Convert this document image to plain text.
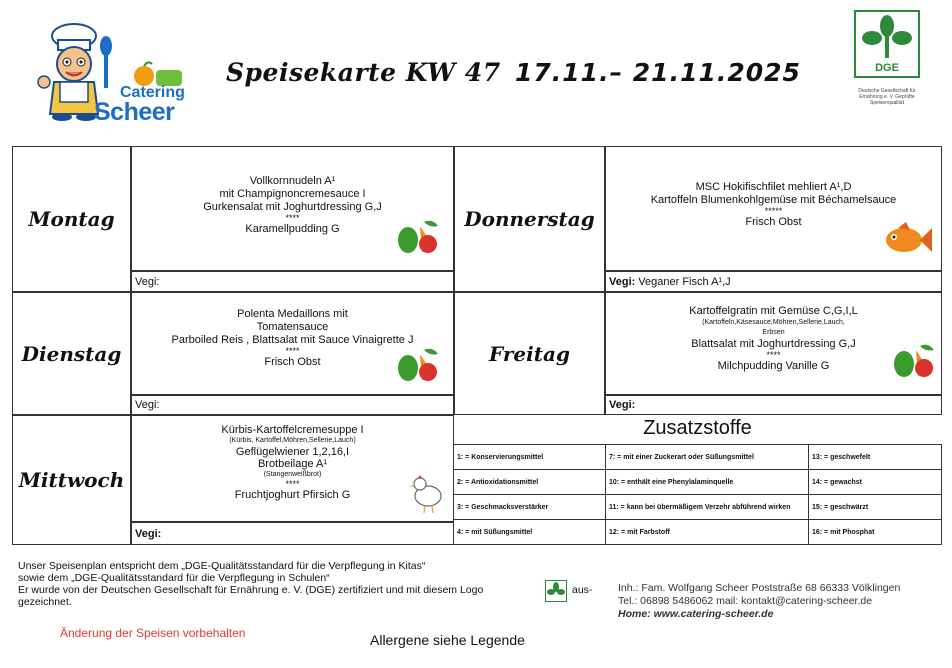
Catering
Scheer
Speisekarte KW 47 17.11.– 21.11.2025	DGE
Deutsche Gesellschaft für Ernährung e. V. Geprüfte Speisenqualität
Montag
Vollkornnudeln A¹
mit Champignoncremesauce I
Gurkensalat mit Joghurtdressing G,J
****
Karamellpudding G
Vegi:
Dienstag
Polenta Medaillons mit
Tomatensauce
Parboiled Reis , Blattsalat mit Sauce Vinaigrette J
****
Frisch Obst
Vegi:
Mittwoch
Kürbis-Kartoffelcremesuppe I
(Kürbis, Kartoffel,Möhren,Sellerie,Lauch)
Geflügelwiener 1,2,16,I
Brotbeilage A¹
(Stangenweißbrot)
****
Fruchtjoghurt Pfirsich G
Vegi:
Donnerstag
MSC Hokifischfilet mehliert A¹,D
Kartoffeln Blumenkohlgemüse mit Béchamelsauce
*****
Frisch Obst
Vegi: Veganer Fisch A¹,J
Freitag
Kartoffelgratin mit Gemüse C,G,I,L
(Kartoffeln,Käsesauce,Möhren,Sellerie,Lauch,
Erbsen
Blattsalat mit Joghurtdressing G,J
****
Milchpudding Vanille G
Vegi:
Zusatzstoffe
1: = Konservierungsmittel	7: = mit einer Zuckerart oder Süßungsmittel	13: = geschwefelt
2: = Antioxidationsmittel	10: = enthält eine Phenylalaminquelle	14: = gewachst
3: = Geschmacksverstärker	11: = kann bei übermäßigem Verzehr abführend wirken	15: = geschwärzt
4: = mit Süßungsmittel	12: = mit Farbstoff	16: = mit Phosphat
Unser Speisenplan entspricht dem „DGE-Qualitätsstandard für die Verpflegung in Kitas“
sowie dem „DGE-Qualitätsstandard für die Verpflegung in Schulen“
Er wurde von der Deutschen Gesellschaft für Ernährung e. V. (DGE) zertifiziert und mit diesem Logo
gezeichnet.
aus-
Änderung der Speisen vorbehalten	Allergene siehe Legende
Inh.: Fam. Wolfgang Scheer Poststraße 68 66333 Völklingen
Tel.: 06898 5486062 mail: kontakt@catering-scheer.de
Home: www.catering-scheer.de
